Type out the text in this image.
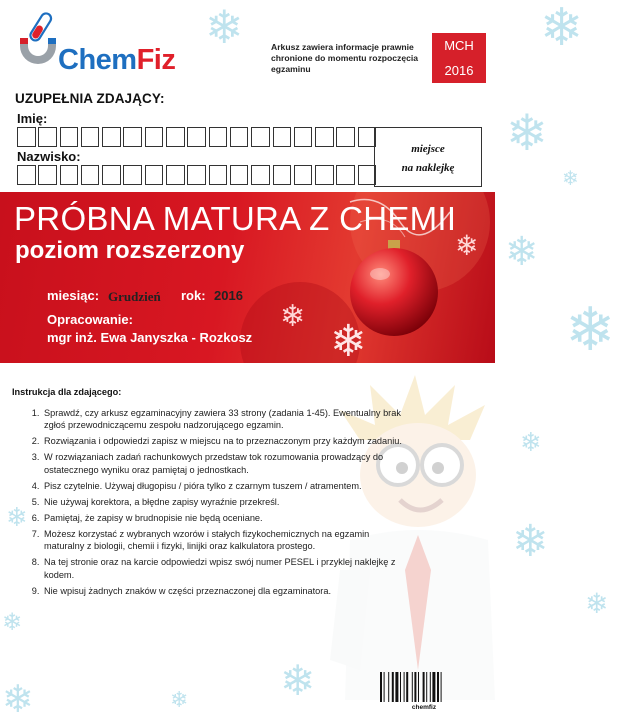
❄	❄
❄
❄
❄
❄
❄
❄
❄
❄
❄
❄	❄
❄
ChemFiz	Arkusz zawiera informacje prawnie chronione do momentu rozpoczęcia egzaminu
MCH
2016
UZUPEŁNIA ZDAJĄCY:
Imię:
Nazwisko:	miejsce
na naklejkę
PRÓBNA MATURA Z CHEMII
poziom rozszerzony
❄ ❄
❄
miesiąc: Grudzień rok: 2016
Opracowanie:
mgr inż. Ewa Janyszka - Rozkosz
Instrukcja dla zdającego:
1. Sprawdź, czy arkusz egzaminacyjny zawiera 33 strony (zadania 1-45). Ewentualny brak zgłoś przewodniczącemu zespołu nadzorującego egzamin.
2. Rozwiązania i odpowiedzi zapisz w miejscu na to przeznaczonym przy każdym zadaniu.
3. W rozwiązaniach zadań rachunkowych przedstaw tok rozumowania prowadzący do ostatecznego wyniku oraz pamiętaj o jednostkach.
4. Pisz czytelnie. Używaj długopisu / pióra tylko z czarnym tuszem / atramentem.
5. Nie używaj korektora, a błędne zapisy wyraźnie przekreśl.
6. Pamiętaj, że zapisy w brudnopisie nie będą oceniane.
7. Możesz korzystać z wybranych wzorów i stałych fizykochemicznych na egzamin maturalny z biologii, chemii i fizyki, linijki oraz kalkulatora prostego.
8. Na tej stronie oraz na karcie odpowiedzi wpisz swój numer PESEL i przyklej naklejkę z kodem.
9. Nie wpisuj żadnych znaków w części przeznaczonej dla egzaminatora.
chemfiz
